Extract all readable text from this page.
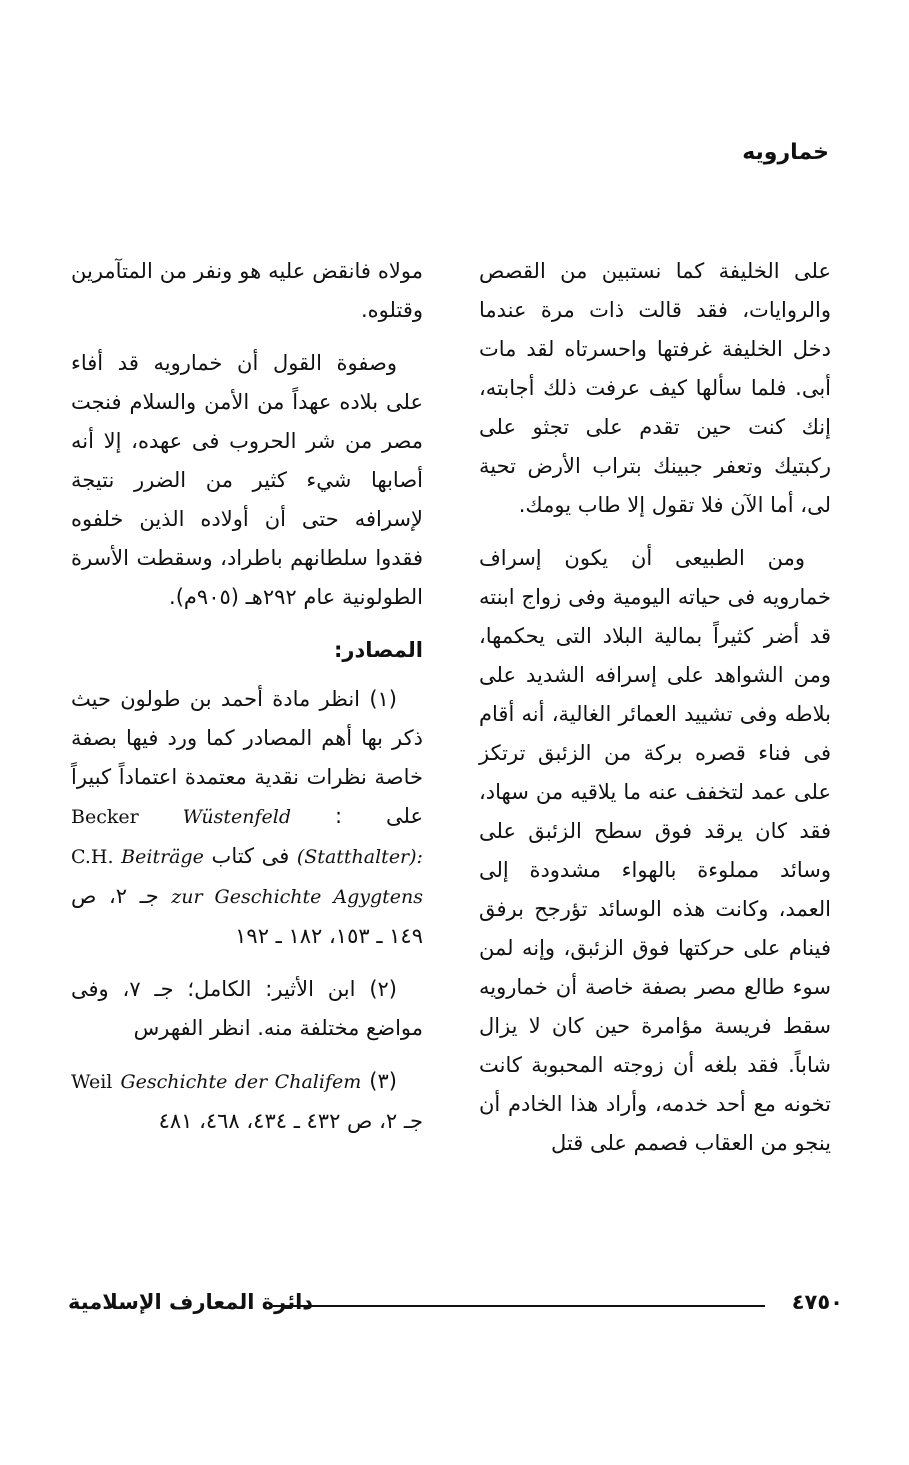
خمارويه

على الخليفة كما نستبين من القصص والروايات، فقد قالت ذات مرة عندما دخل الخليفة غرفتها واحسرتاه لقد مات أبى. فلما سألها كيف عرفت ذلك أجابته، إنك كنت حين تقدم على تجثو على ركبتيك وتعفر جبينك بتراب الأرض تحية لى، أما الآن فلا تقول إلا طاب يومك.

ومن الطبيعى أن يكون إسراف خمارويه فى حياته اليومية وفى زواج ابنته قد أضر كثيراً بمالية البلاد التى يحكمها، ومن الشواهد على إسرافه الشديد على بلاطه وفى تشييد العمائر الغالية، أنه أقام فى فناء قصره بركة من الزئبق ترتكز على عمد لتخفف عنه ما يلاقيه من سهاد، فقد كان يرقد فوق سطح الزئبق على وسائد مملوءة بالهواء مشدودة إلى العمد، وكانت هذه الوسائد تؤرجح برفق فينام على حركتها فوق الزئبق، وإنه لمن سوء طالع مصر بصفة خاصة أن خمارويه سقط فريسة مؤامرة حين كان لا يزال شاباً. فقد بلغه أن زوجته المحبوبة كانت تخونه مع أحد خدمه، وأراد هذا الخادم أن ينجو من العقاب فصمم على قتل

مولاه فانقض عليه هو ونفر من المتآمرين وقتلوه.

وصفوة القول أن خمارويه قد أفاء على بلاده عهداً من الأمن والسلام فنجت مصر من شر الحروب فى عهده، إلا أنه أصابها شيء كثير من الضرر نتيجة لإسرافه حتى أن أولاده الذين خلفوه فقدوا سلطانهم باطراد، وسقطت الأسرة الطولونية عام ٢٩٢هـ (٩٠٥م).

المصادر:

(١) انظر مادة أحمد بن طولون حيث ذكر بها أهم المصادر كما ورد فيها بصفة خاصة نظرات نقدية معتمدة اعتماداً كبيراً على : Becker Wüstenfeld (Statthalter): فى كتاب C.H. Beiträge zur Geschichte Agygtens جـ ٢، ص ١٤٩ ـ ١٥٣، ١٨٢ ـ ١٩٢

(٢) ابن الأثير: الكامل؛ جـ ٧، وفى مواضع مختلفة منه. انظر الفهرس

(٣) Weil Geschichte der Chalifem جـ ٢، ص ٤٣٢ ـ ٤٣٤، ٤٦٨، ٤٨١

٤٧٥٠
دائرة المعارف الإسلامية
